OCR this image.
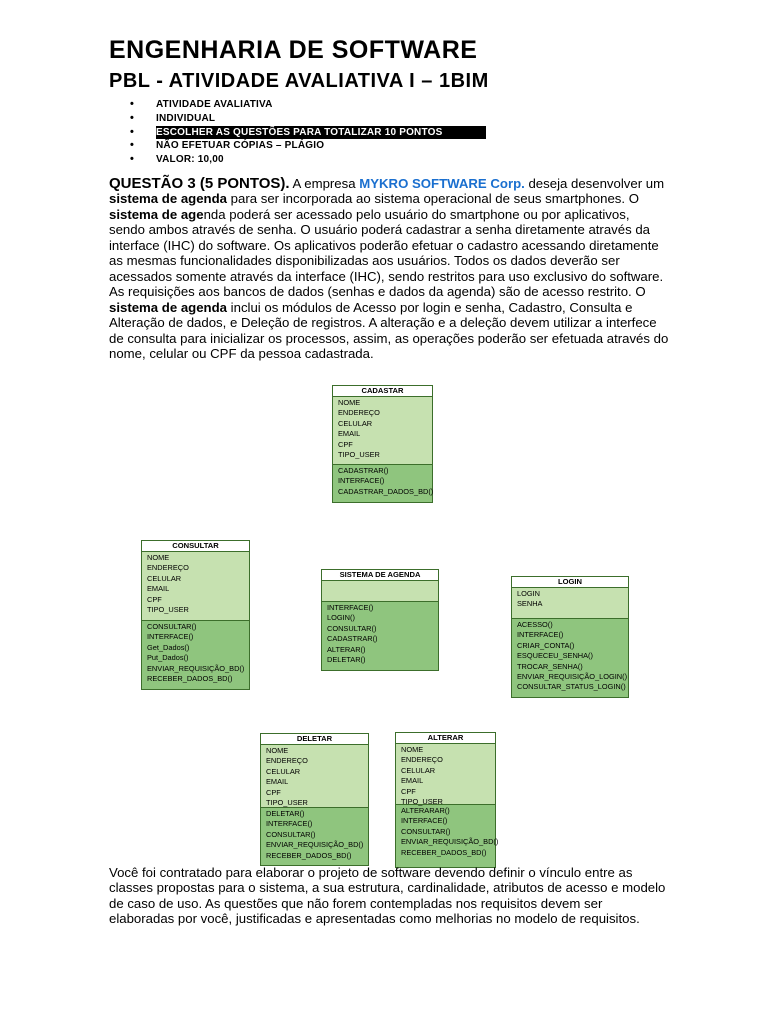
ENGENHARIA DE SOFTWARE
PBL - ATIVIDADE AVALIATIVA I – 1BIM
• ATIVIDADE AVALIATIVA
• INDIVIDUAL
• ESCOLHER AS QUESTÕES PARA TOTALIZAR 10 PONTOS
• NÃO EFETUAR CÓPIAS – PLÁGIO
• VALOR: 10,00
QUESTÃO 3 (5 PONTOS). A empresa MYKRO SOFTWARE Corp. deseja desenvolver um sistema de agenda para ser incorporada ao sistema operacional de seus smartphones. O sistema de agenda poderá ser acessado pelo usuário do smartphone ou por aplicativos, sendo ambos através de senha. O usuário poderá cadastrar a senha diretamente através da interface (IHC) do software. Os aplicativos poderão efetuar o cadastro acessando diretamente as mesmas funcionalidades disponibilizadas aos usuários. Todos os dados deverão ser acessados somente através da interface (IHC), sendo restritos para uso exclusivo do software. As requisições aos bancos de dados (senhas e dados da agenda) são de acesso restrito. O sistema de agenda inclui os módulos de Acesso por login e senha, Cadastro, Consulta e Alteração de dados, e Deleção de registros. A alteração e a deleção devem utilizar a interfece de consulta para inicializar os processos, assim, as operações poderão ser efetuada através do nome, celular ou CPF da pessoa cadastrada.
CADASTAR
NOME
ENDEREÇO
CELULAR
EMAIL
CPF
TIPO_USER
CADASTRAR()
INTERFACE()
CADASTRAR_DADOS_BD()
CONSULTAR
NOME
ENDEREÇO
CELULAR
EMAIL
CPF
TIPO_USER
CONSULTAR()
INTERFACE()
Get_Dados()
Put_Dados()
ENVIAR_REQUISIÇÃO_BD()
RECEBER_DADOS_BD()
SISTEMA DE AGENDA
INTERFACE()
LOGIN()
CONSULTAR()
CADASTRAR()
ALTERAR()
DELETAR()
LOGIN
LOGIN
SENHA
ACESSO()
INTERFACE()
CRIAR_CONTA()
ESQUECEU_SENHA()
TROCAR_SENHA()
ENVIAR_REQUISIÇÃO_LOGIN()
CONSULTAR_STATUS_LOGIN()
DELETAR
NOME
ENDEREÇO
CELULAR
EMAIL
CPF
TIPO_USER
DELETAR()
INTERFACE()
CONSULTAR()
ENVIAR_REQUISIÇÃO_BD()
RECEBER_DADOS_BD()
ALTERAR
NOME
ENDEREÇO
CELULAR
EMAIL
CPF
TIPO_USER
ALTERARAR()
INTERFACE()
CONSULTAR()
ENVIAR_REQUISIÇÃO_BD()
RECEBER_DADOS_BD()
Você foi contratado para elaborar o projeto de software devendo definir o vínculo entre as classes propostas para o sistema, a sua estrutura, cardinalidade, atributos de acesso e modelo de caso de uso. As questões que não forem contempladas nos requisitos devem ser elaboradas por você, justificadas e apresentadas como melhorias no modelo de requisitos.
